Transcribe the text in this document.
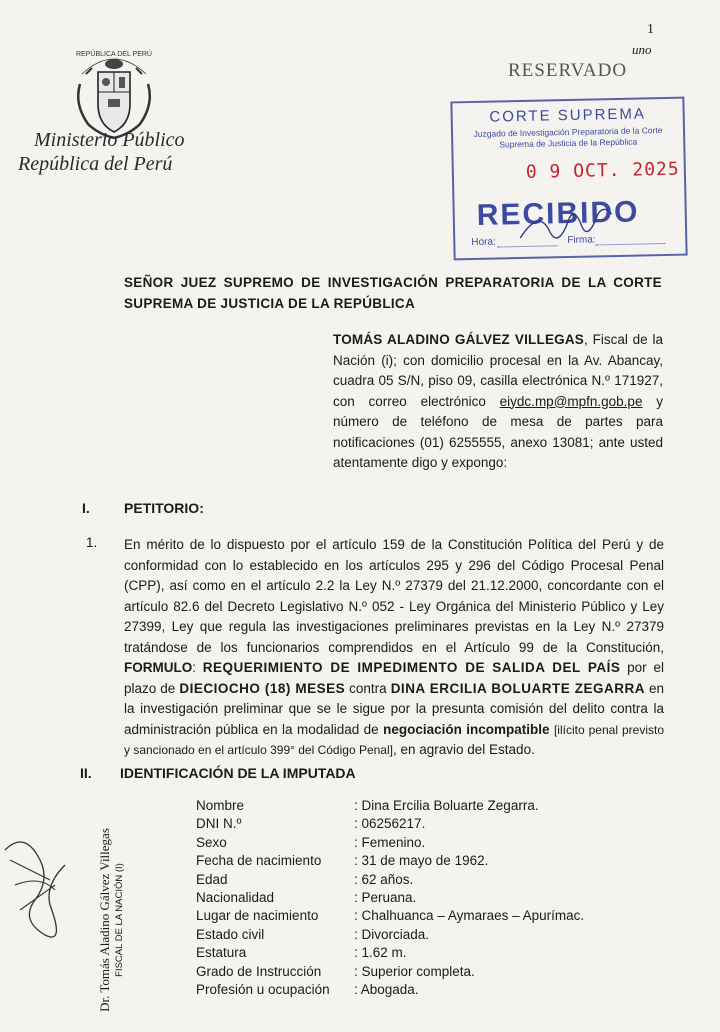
1
uno
RESERVADO
REPÚBLICA DEL PERÚ
Ministerio Público
República del Perú
CORTE SUPREMA
Juzgado de Investigación Preparatoria de la Corte Suprema de Justicia de la República
0 9 OCT. 2025
RECIBIDO
Hora:	Firma:
SEÑOR JUEZ SUPREMO DE INVESTIGACIÓN PREPARATORIA DE LA CORTE SUPREMA DE JUSTICIA DE LA REPÚBLICA
TOMÁS ALADINO GÁLVEZ VILLEGAS, Fiscal de la Nación (i); con domicilio procesal en la Av. Abancay, cuadra 05 S/N, piso 09, casilla electrónica N.º 171927, con correo electrónico eiydc.mp@mpfn.gob.pe y número de teléfono de mesa de partes para notificaciones (01) 6255555, anexo 13081; ante usted atentamente digo y expongo:
I. PETITORIO:
1. En mérito de lo dispuesto por el artículo 159 de la Constitución Política del Perú y de conformidad con lo establecido en los artículos 295 y 296 del Código Procesal Penal (CPP), así como en el artículo 2.2 la Ley N.º 27379 del 21.12.2000, concordante con el artículo 82.6 del Decreto Legislativo N.º 052 - Ley Orgánica del Ministerio Público y Ley 27399, Ley que regula las investigaciones preliminares previstas en la Ley N.º 27379 tratándose de los funcionarios comprendidos en el Artículo 99 de la Constitución, FORMULO: REQUERIMIENTO DE IMPEDIMENTO DE SALIDA DEL PAÍS por el plazo de DIECIOCHO (18) MESES contra DINA ERCILIA BOLUARTE ZEGARRA en la investigación preliminar que se le sigue por la presunta comisión del delito contra la administración pública en la modalidad de negociación incompatible [ilícito penal previsto y sancionado en el artículo 399° del Código Penal], en agravio del Estado.
II. IDENTIFICACIÓN DE LA IMPUTADA
Nombre	: Dina Ercilia Boluarte Zegarra.
DNI N.º	: 06256217.
Sexo	: Femenino.
Fecha de nacimiento : 31 de mayo de 1962.
Edad	: 62 años.
Nacionalidad	: Peruana.
Lugar de nacimiento	: Chalhuanca – Aymaraes – Apurímac.
Estado civil	: Divorciada.
Estatura	: 1.62 m.
Grado de Instrucción : Superior completa.
Profesión u ocupación : Abogada.
Dr. Tomás Aladino Gálvez Villegas FISCAL DE LA NACIÓN (I)
